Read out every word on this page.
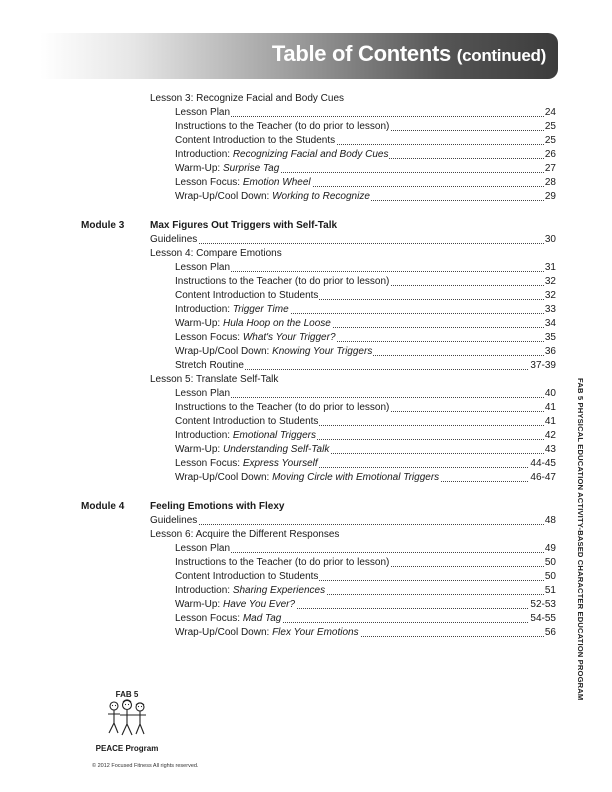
Table of Contents (continued)
Lesson 3: Recognize Facial and Body Cues
Lesson Plan	24
Instructions to the Teacher (to do prior to lesson)	25
Content Introduction to the Students	25
Introduction: Recognizing Facial and Body Cues	26
Warm-Up: Surprise Tag	27
Lesson Focus: Emotion Wheel	28
Wrap-Up/Cool Down: Working to Recognize	29
Module 3	Max Figures Out Triggers with Self-Talk
Guidelines	30
Lesson 4: Compare Emotions
Lesson Plan	31
Instructions to the Teacher (to do prior to lesson)	32
Content Introduction to Students	32
Introduction: Trigger Time	33
Warm-Up: Hula Hoop on the Loose	34
Lesson Focus: What's Your Trigger?	35
Wrap-Up/Cool Down: Knowing Your Triggers	36
Stretch Routine	37-39
Lesson 5: Translate Self-Talk
Lesson Plan	40
Instructions to the Teacher (to do prior to lesson)	41
Content Introduction to Students	41
Introduction: Emotional Triggers	42
Warm-Up: Understanding Self-Talk	43
Lesson Focus: Express Yourself	44-45
Wrap-Up/Cool Down: Moving Circle with Emotional Triggers	46-47
Module 4	Feeling Emotions with Flexy
Guidelines	48
Lesson 6: Acquire the Different Responses
Lesson Plan	49
Instructions to the Teacher (to do prior to lesson)	50
Content Introduction to Students	50
Introduction: Sharing Experiences	51
Warm-Up: Have You Ever?	52-53
Lesson Focus: Mad Tag	54-55
Wrap-Up/Cool Down: Flex Your Emotions	56	FAB 5 PHYSICAL EDUCATION ACTIVITY-BASED CHARACTER EDUCATION PROGRAM
FAB 5
PEACE Program
© 2012 Focused Fitness All rights reserved.
